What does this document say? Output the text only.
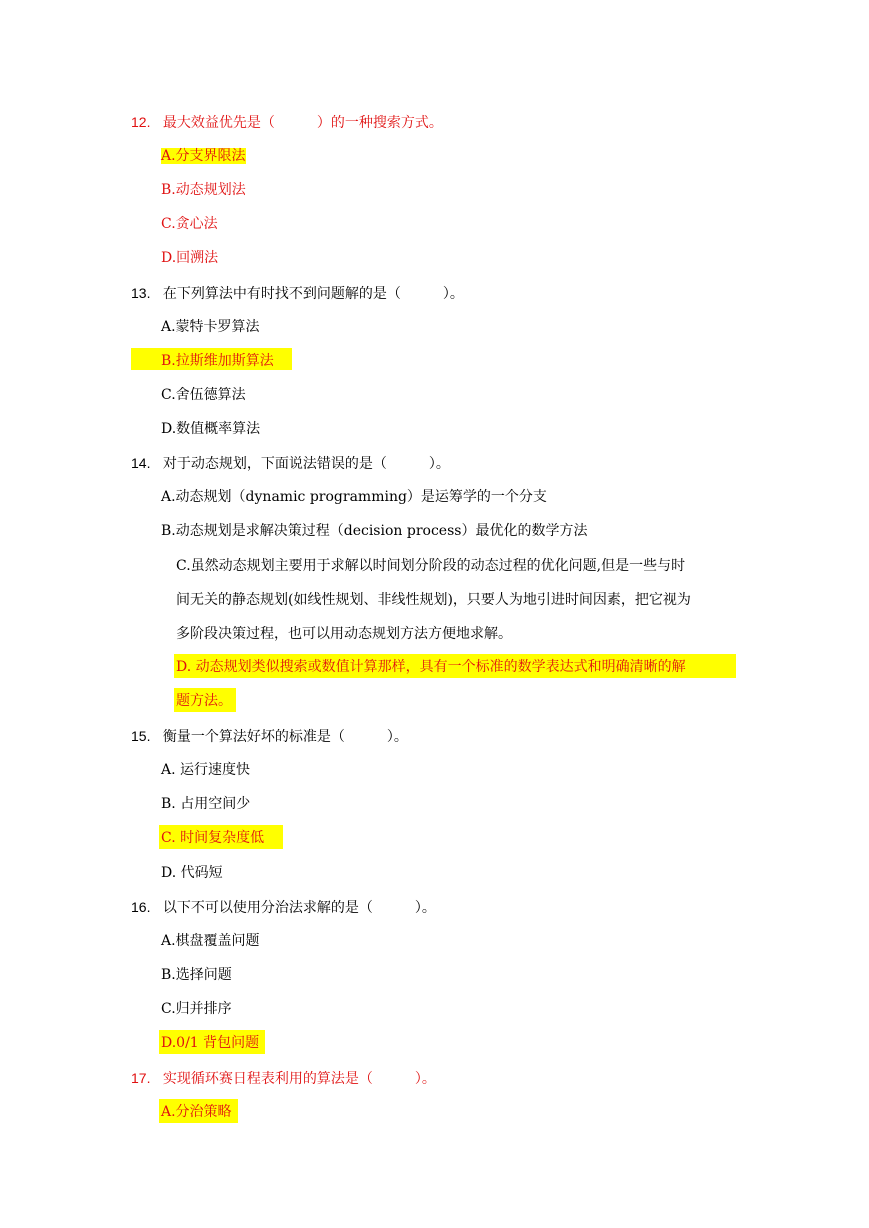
12. 最大效益优先是（　　　）的一种搜索方式。
A.分支界限法
B.动态规划法
C.贪心法
D.回溯法
13. 在下列算法中有时找不到问题解的是（　　　）。
A.蒙特卡罗算法
B.拉斯维加斯算法
C.舍伍德算法
D.数值概率算法
14. 对于动态规划，下面说法错误的是（　　　）。
A.动态规划（dynamic programming）是运筹学的一个分支
B.动态规划是求解决策过程（decision process）最优化的数学方法
C.虽然动态规划主要用于求解以时间划分阶段的动态过程的优化问题,但是一些与时
间无关的静态规划(如线性规划、非线性规划)，只要人为地引进时间因素，把它视为
多阶段决策过程，也可以用动态规划方法方便地求解。
D. 动态规划类似搜索或数值计算那样，具有一个标准的数学表达式和明确清晰的解
题方法。
15. 衡量一个算法好坏的标准是（　　　）。
A. 运行速度快
B. 占用空间少
C. 时间复杂度低
D. 代码短
16. 以下不可以使用分治法求解的是（　　　）。
A.棋盘覆盖问题
B.选择问题
C.归并排序
D.0/1 背包问题
17. 实现循环赛日程表利用的算法是（　　　）。
A.分治策略
